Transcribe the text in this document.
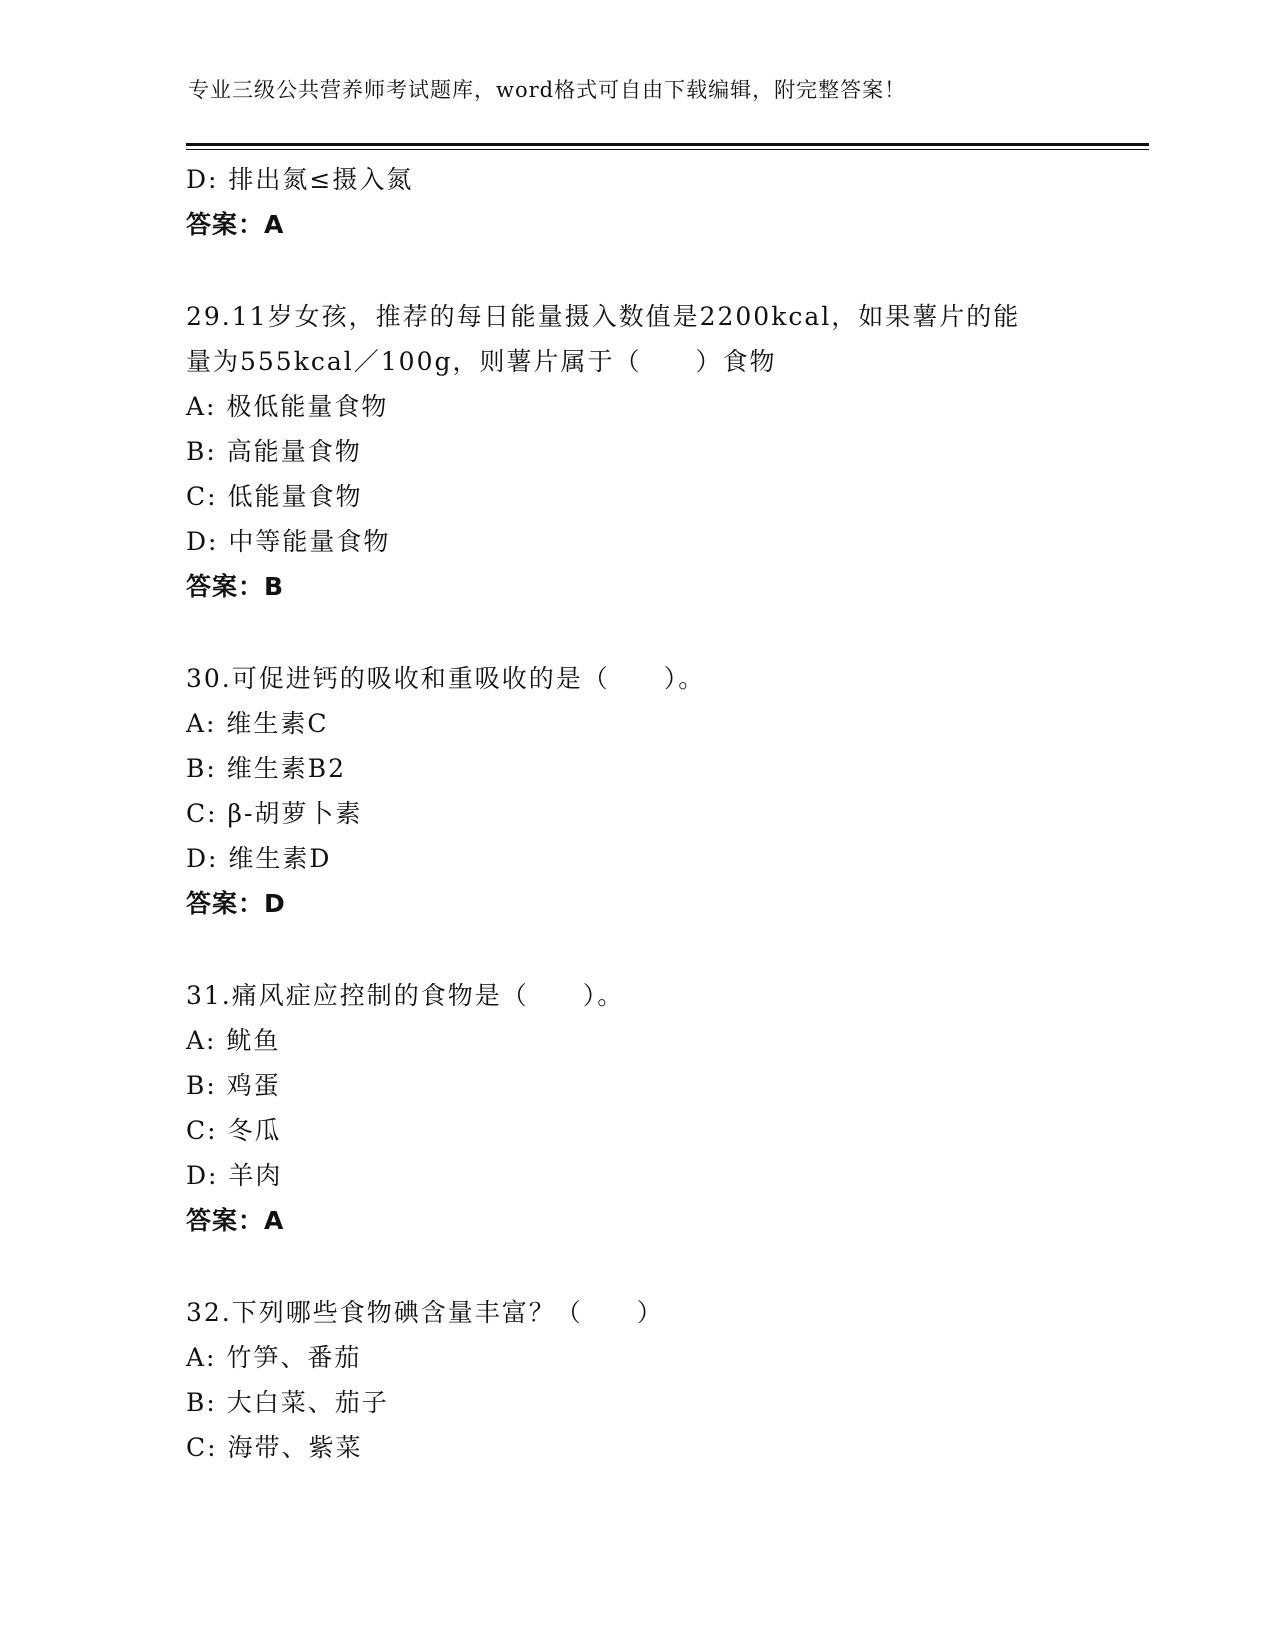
专业三级公共营养师考试题库，word格式可自由下载编辑，附完整答案！
D: 排出氮≤摄入氮
答案：A
29.11岁女孩，推荐的每日能量摄入数值是2200kcal，如果薯片的能
量为555kcal／100g，则薯片属于（　　）食物
A: 极低能量食物
B: 高能量食物
C: 低能量食物
D: 中等能量食物
答案：B
30.可促进钙的吸收和重吸收的是（　　）。
A: 维生素C
B: 维生素B2
C: β-胡萝卜素
D: 维生素D
答案：D
31.痛风症应控制的食物是（　　）。
A: 鱿鱼
B: 鸡蛋
C: 冬瓜
D: 羊肉
答案：A
32.下列哪些食物碘含量丰富？（　　）
A: 竹笋、番茄
B: 大白菜、茄子
C: 海带、紫菜
